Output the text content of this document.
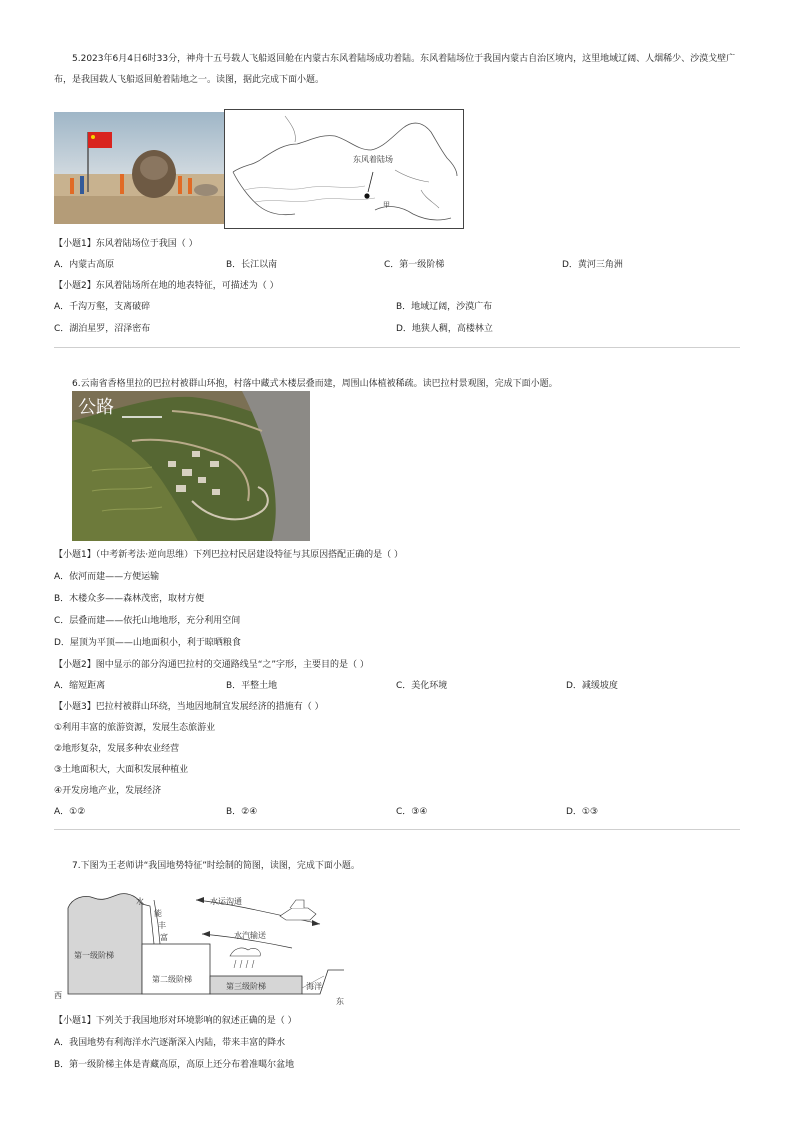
5.2023年6月4日6时33分，神舟十五号载人飞船返回舱在内蒙古东风着陆场成功着陆。东风着陆场位于我国内蒙古自治区境内，这里地域辽阔、人烟稀少、沙漠戈壁广
布，是我国载人飞船返回舱着陆地之一。读图，据此完成下面小题。
东风着陆场
甲
【小题1】东风着陆场位于我国（ ）
A．内蒙古高原	B．长江以南	C．第一级阶梯	D．黄河三角洲
【小题2】东风着陆场所在地的地表特征，可描述为（ ）
A．千沟万壑，支离破碎	B．地域辽阔，沙漠广布
C．湖泊星罗，沼泽密布	D．地狭人稠，高楼林立
6.云南省香格里拉的巴拉村被群山环抱，村落中藏式木楼层叠而建，周围山体植被稀疏。读巴拉村景观图，完成下面小题。
公路
【小题1】（中考新考法·逆向思维）下列巴拉村民居建设特征与其原因搭配正确的是（ ）
A．依河而建——方便运输
B．木楼众多——森林茂密，取材方便
C．层叠而建——依托山地地形，充分利用空间
D．屋顶为平顶——山地面积小，利于晾晒粮食
【小题2】图中显示的部分沟通巴拉村的交通路线呈“之”字形，主要目的是（ ）
A．缩短距离	B．平整土地	C．美化环境	D．减缓坡度
【小题3】巴拉村被群山环绕，当地因地制宜发展经济的措施有（ ）
①利用丰富的旅游资源，发展生态旅游业
②地形复杂，发展多种农业经营
③土地面积大，大面积发展种植业
④开发房地产业，发展经济
A．①②	B．②④	C．③④	D．①③
7.下图为王老师讲“我国地势特征”时绘制的简图，读图，完成下面小题。
第一级阶梯
第二级阶梯
第三级阶梯	海洋
西
东
水
能
丰
富
水运沟通
水汽输送
【小题1】下列关于我国地形对环境影响的叙述正确的是（ ）
A．我国地势有利海洋水汽逐渐深入内陆，带来丰富的降水
B．第一级阶梯主体是青藏高原，高原上还分布着准噶尔盆地
